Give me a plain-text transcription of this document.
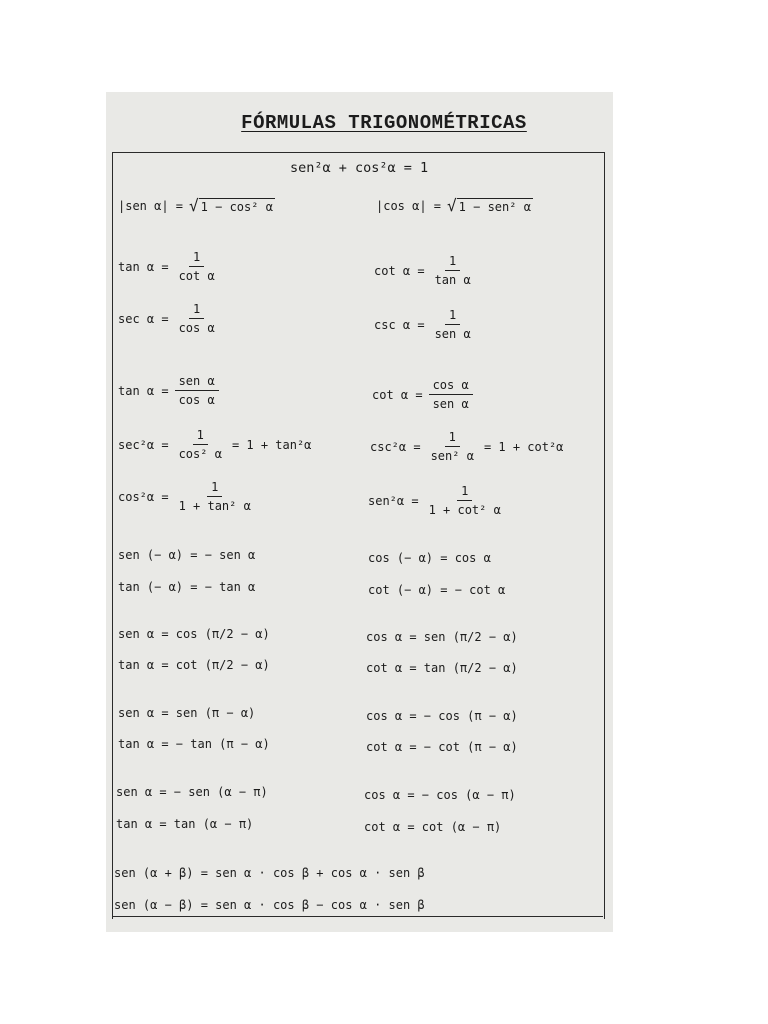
FÓRMULAS TRIGONOMÉTRICAS
sen²α + cos²α = 1
|sen α| = √ 1 − cos² α	|cos α| = √ 1 − sen² α
$\tan \alpha = \frac{1}{\text{cot α}}$	$\cot \alpha = \frac{1}{\text{tan α}}$
$\sec \alpha = \frac{1}{\text{cos α}}$	$\csc \alpha = \frac{1}{\text{sen α}}$
$\tan \alpha = \frac{\text{sen α}}{\text{cos α}}$	$\cot \alpha = \frac{\text{cos α}}{\text{sen α}}$
$\sec^2\alpha = \frac{1}{\text{cos² α}} = 1 + \tan^2\alpha$	$\csc^2\alpha = \frac{1}{\text{sen² α}} = 1 + \cot^2\alpha$
$\cos^2\alpha = \frac{1}{\text{1 + tan² α}}$	$sen^2\alpha = \frac{1}{\text{1 + cot² α}}$
sen (− α) = − sen α	cos (− α) = cos α
tan (− α) = − tan α	cot (− α) = − cot α
sen α = cos (π/2 − α)	cos α = sen (π/2 − α)
tan α = cot (π/2 − α)	cot α = tan (π/2 − α)
sen α = sen (π − α)	cos α = − cos (π − α)
tan α = − tan (π − α)	cot α = − cot (π − α)
sen α = − sen (α − π)	cos α = − cos (α − π)
tan α = tan (α − π)	cot α = cot (α − π)
sen (α + β) = sen α · cos β + cos α · sen β
sen (α − β) = sen α · cos β − cos α · sen β
